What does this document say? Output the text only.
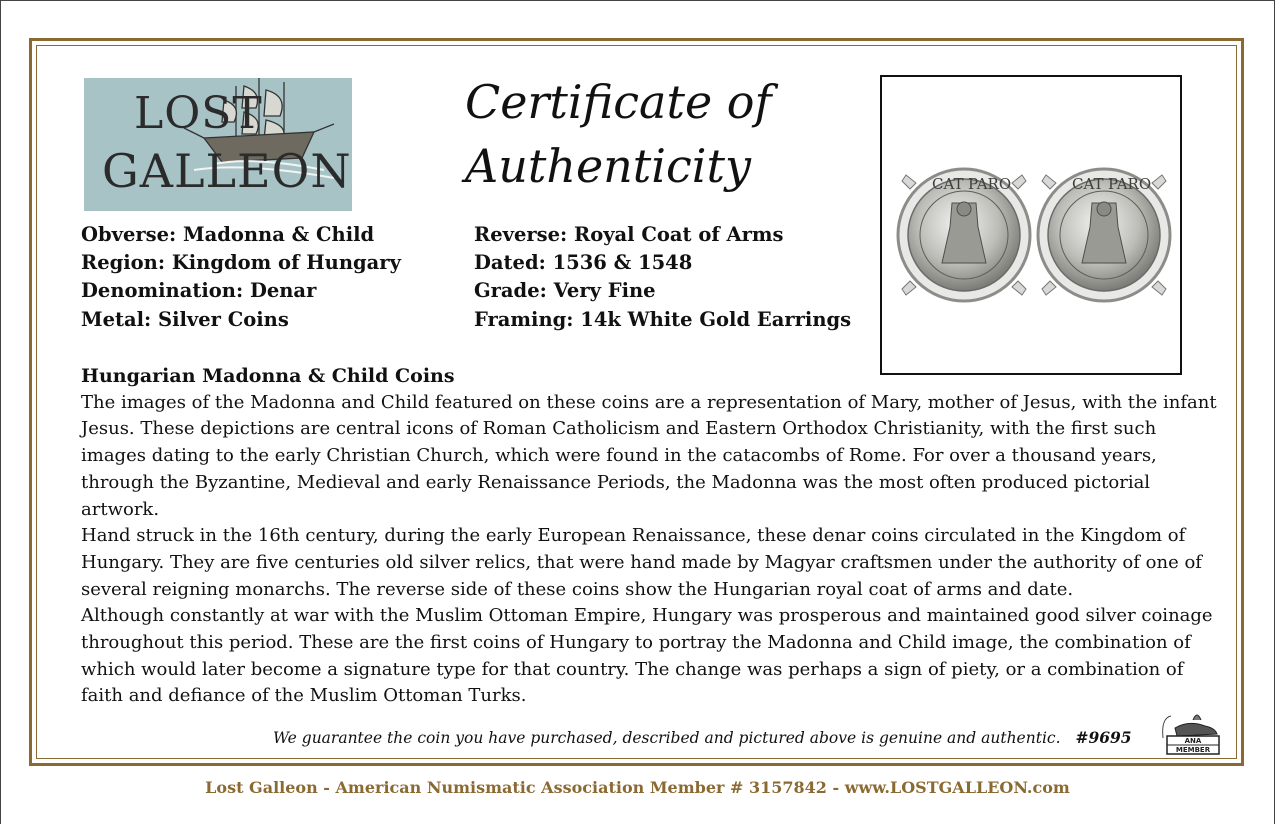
LOST
GALLEON
Certificate of
Authenticity	CAT PARO	CAT PARO
Obverse: Madonna & Child
Region: Kingdom of Hungary
Denomination: Denar
Metal: Silver Coins
Reverse: Royal Coat of Arms
Dated: 1536 & 1548
Grade: Very Fine
Framing: 14k White Gold Earrings
Hungarian Madonna & Child Coins

The images of the Madonna and Child featured on these coins are a representation of Mary, mother of Jesus, with the infant Jesus. These depictions are central icons of Roman Catholicism and Eastern Orthodox Christianity, with the first such images dating to the early Christian Church, which were found in the catacombs of Rome. For over a thousand years, through the Byzantine, Medieval and early Renaissance Periods, the Madonna was the most often produced pictorial artwork.

Hand struck in the 16th century, during the early European Renaissance, these denar coins circulated in the Kingdom of Hungary. They are five centuries old silver relics, that were hand made by Magyar craftsmen under the authority of one of several reigning monarchs. The reverse side of these coins show the Hungarian royal coat of arms and date.

Although constantly at war with the Muslim Ottoman Empire, Hungary was prosperous and maintained good silver coinage throughout this period. These are the first coins of Hungary to portray the Madonna and Child image, the combination of which would later become a signature type for that country. The change was perhaps a sign of piety, or a combination of faith and defiance of the Muslim Ottoman Turks.

We guarantee the coin you have purchased, described and pictured above is genuine and authentic. #9695	ANA
MEMBER
Lost Galleon - American Numismatic Association Member # 3157842 - www.LOSTGALLEON.com
